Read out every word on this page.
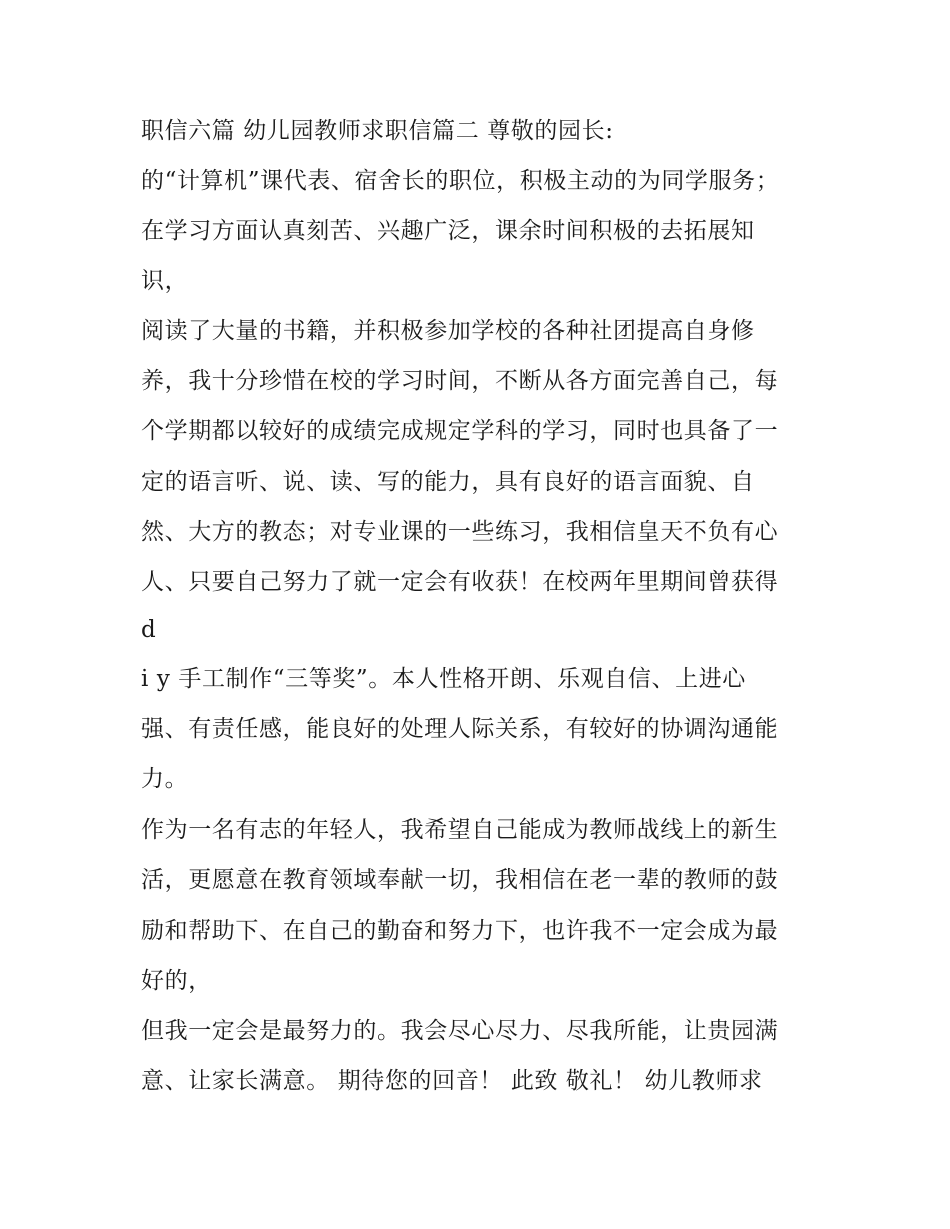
职信六篇 幼儿园教师求职信篇二 尊敬的园长:
的“计算机”课代表、宿舍长的职位，积极主动的为同学服务；
在学习方面认真刻苦、兴趣广泛，课余时间积极的去拓展知
识，
阅读了大量的书籍，并积极参加学校的各种社团提高自身修
养，我十分珍惜在校的学习时间，不断从各方面完善自己，每
个学期都以较好的成绩完成规定学科的学习，同时也具备了一
定的语言听、说、读、写的能力，具有良好的语言面貌、自
然、大方的教态；对专业课的一些练习，我相信皇天不负有心
人、只要自己努力了就一定会有收获！在校两年里期间曾获得
d
i y 手工制作“三等奖”。本人性格开朗、乐观自信、上进心
强、有责任感，能良好的处理人际关系，有较好的协调沟通能
力。
作为一名有志的年轻人，我希望自己能成为教师战线上的新生
活，更愿意在教育领域奉献一切，我相信在老一辈的教师的鼓
励和帮助下、在自己的勤奋和努力下，也许我不一定会成为最
好的，
但我一定会是最努力的。我会尽心尽力、尽我所能，让贵园满
意、让家长满意。 期待您的回音！ 此致 敬礼！ 幼儿教师求
